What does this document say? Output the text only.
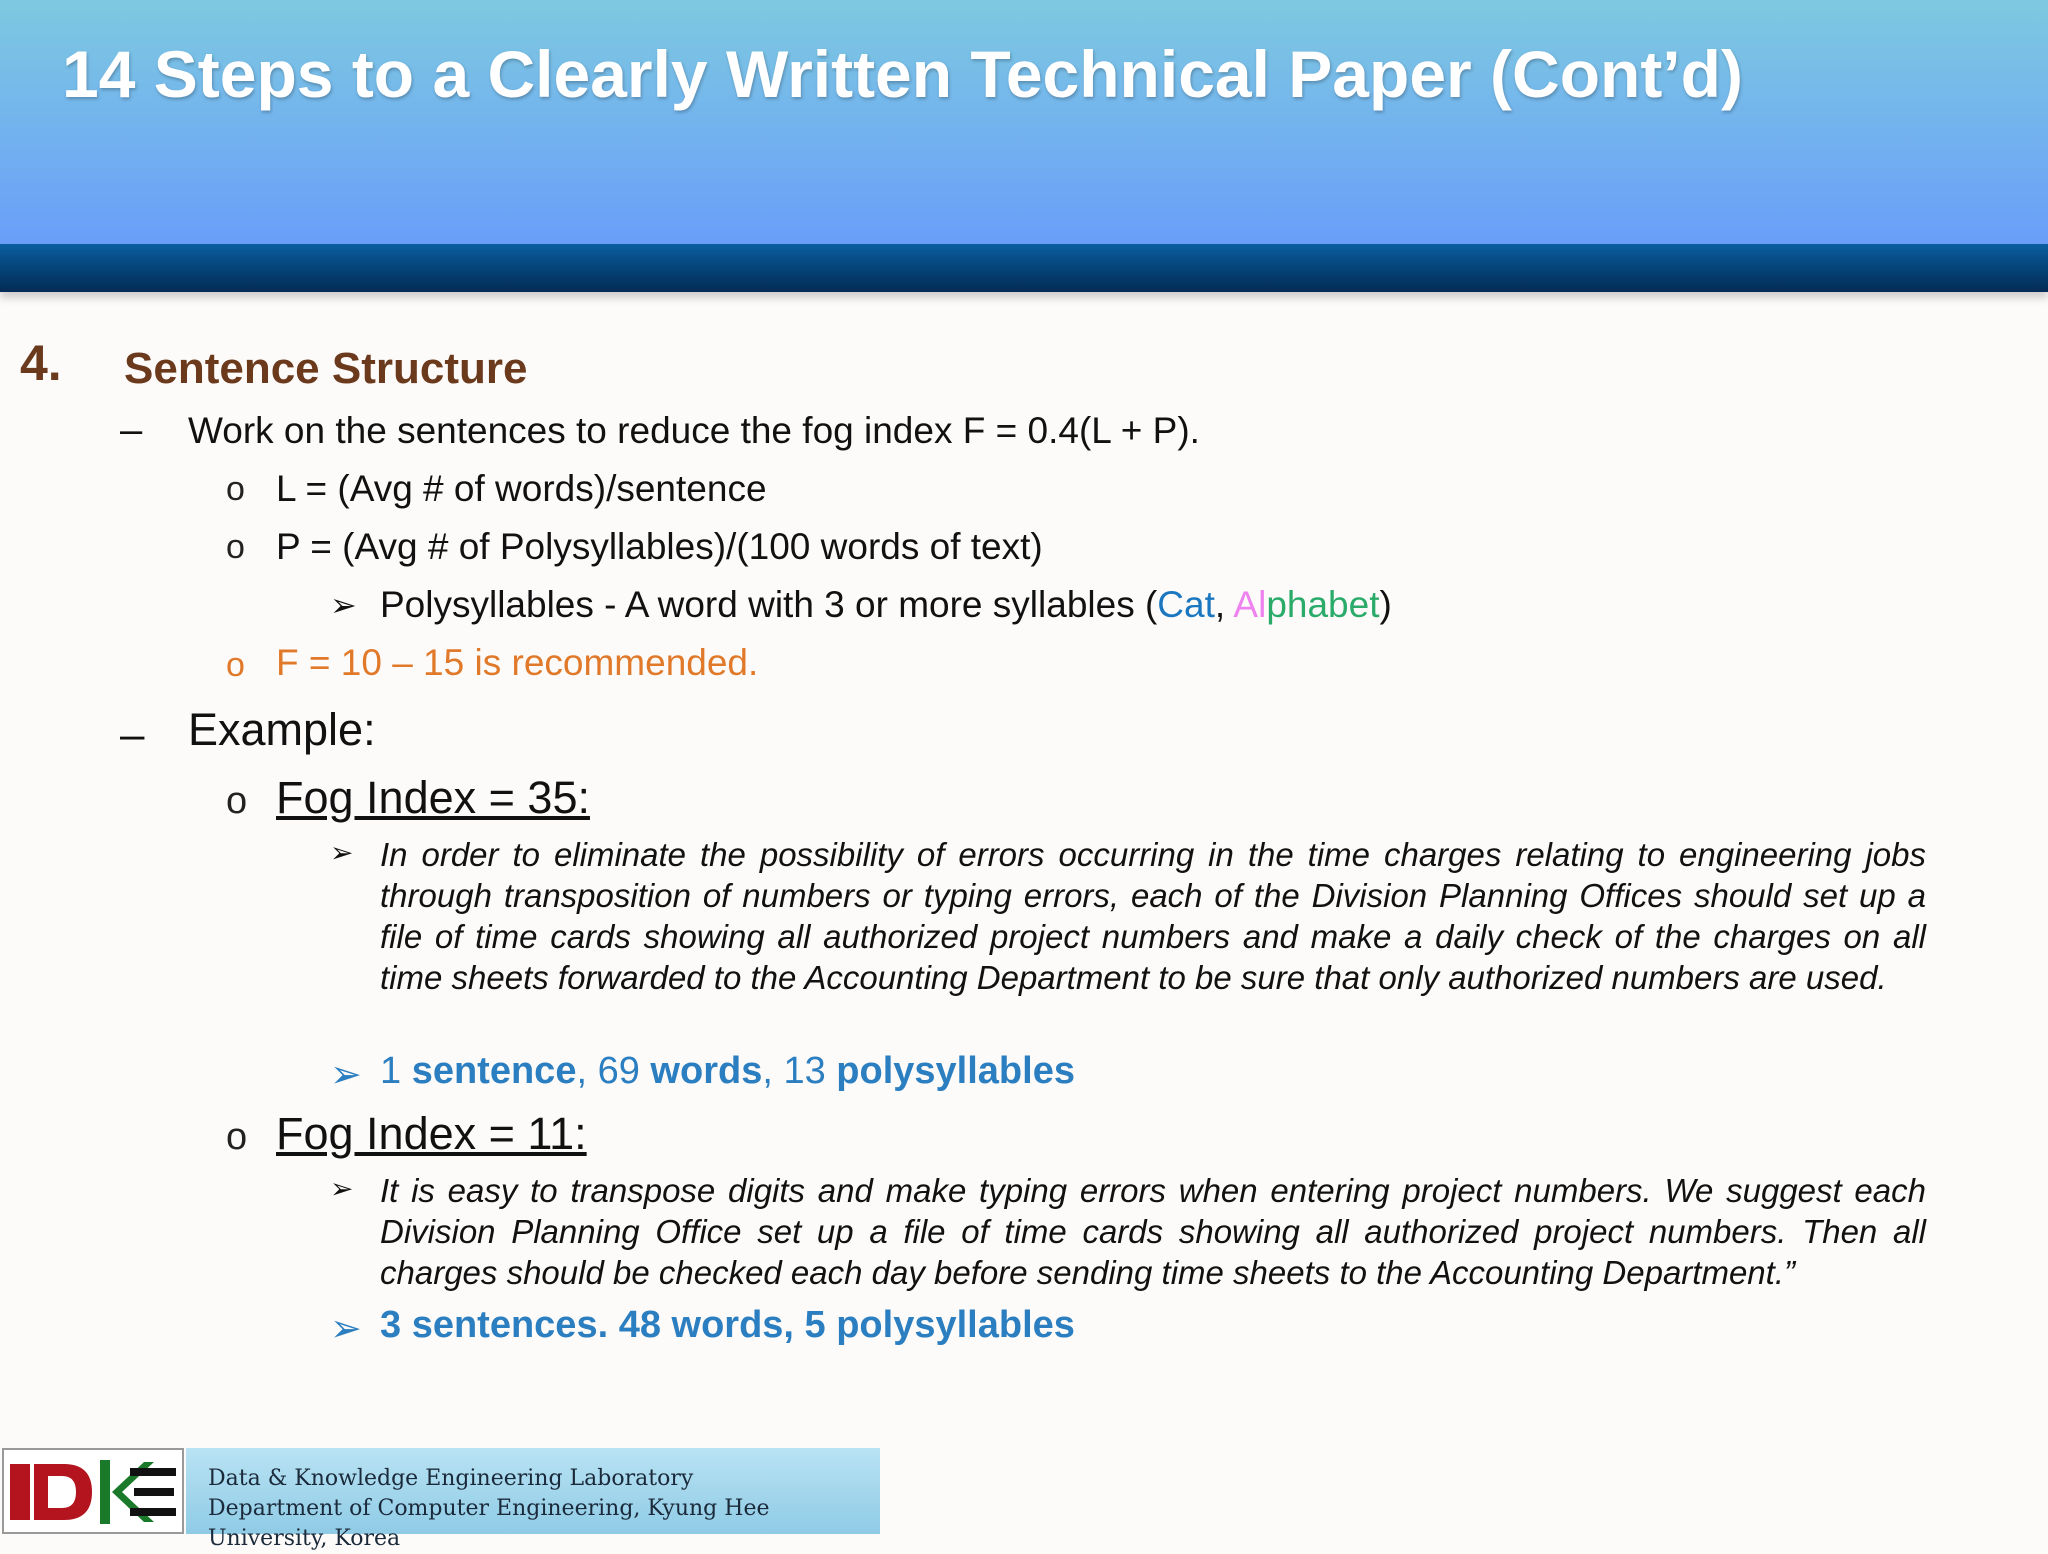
14 Steps to a Clearly Written Technical Paper (Cont’d)
4. Sentence Structure
– Work on the sentences to reduce the fog index F = 0.4(L + P).
o L = (Avg # of words)/sentence
o P = (Avg # of Polysyllables)/(100 words of text)
➢ Polysyllables - A word with 3 or more syllables (Cat, Alphabet)
o F = 10 – 15 is recommended.
– Example:
o Fog Index = 35:
➢ In order to eliminate the possibility of errors occurring in the time charges relating to engineering jobs through transposition of numbers or typing errors, each of the Division Planning Offices should set up a file of time cards showing all authorized project numbers and make a daily check of the charges on all time sheets forwarded to the Accounting Department to be sure that only authorized numbers are used.

➢ 1 sentence, 69 words, 13 polysyllables
o Fog Index = 11:
➢ It is easy to transpose digits and make typing errors when entering project numbers. We suggest each Division Planning Office set up a file of time cards showing all authorized project numbers. Then all charges should be checked each day before sending time sheets to the Accounting Department.”

➢ 3 sentences. 48 words, 5 polysyllables
Data & Knowledge Engineering Laboratory
Department of Computer Engineering, Kyung Hee
University, Korea
